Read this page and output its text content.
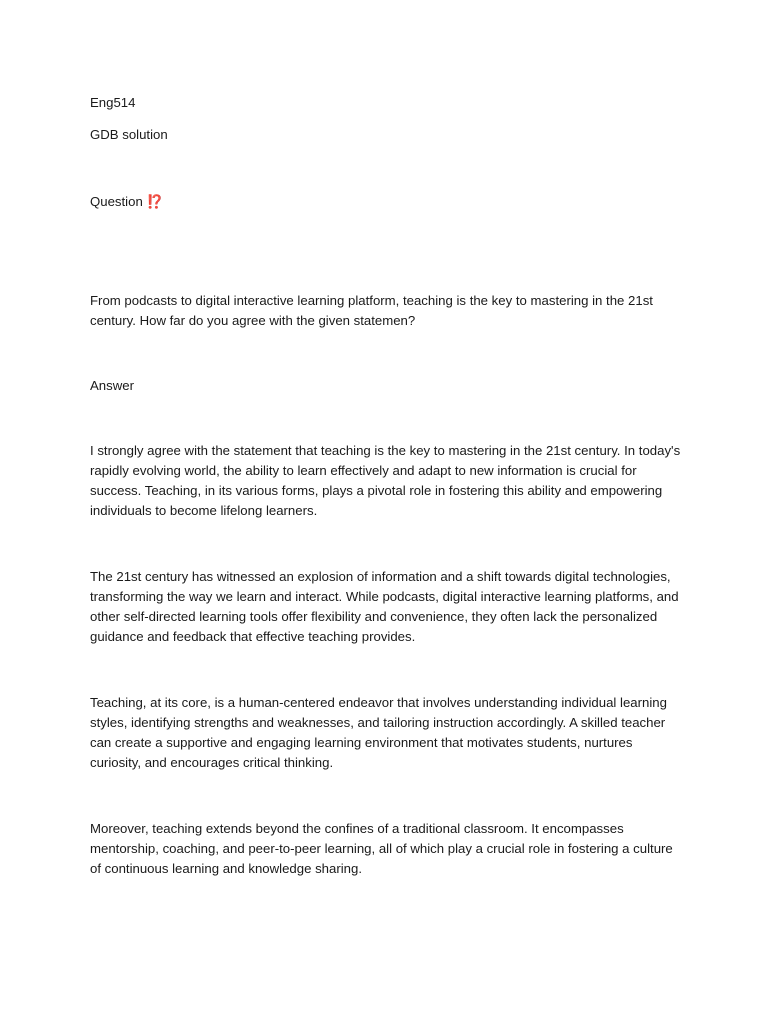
Eng514

GDB solution

Question ⁉️

From podcasts to digital interactive learning platform, teaching is the key to mastering in the 21st century. How far do you agree with the given statemen?

Answer

I strongly agree with the statement that teaching is the key to mastering in the 21st century. In today's rapidly evolving world, the ability to learn effectively and adapt to new information is crucial for success. Teaching, in its various forms, plays a pivotal role in fostering this ability and empowering individuals to become lifelong learners.

The 21st century has witnessed an explosion of information and a shift towards digital technologies, transforming the way we learn and interact. While podcasts, digital interactive learning platforms, and other self-directed learning tools offer flexibility and convenience, they often lack the personalized guidance and feedback that effective teaching provides.

Teaching, at its core, is a human-centered endeavor that involves understanding individual learning styles, identifying strengths and weaknesses, and tailoring instruction accordingly. A skilled teacher can create a supportive and engaging learning environment that motivates students, nurtures curiosity, and encourages critical thinking.

Moreover, teaching extends beyond the confines of a traditional classroom. It encompasses mentorship, coaching, and peer-to-peer learning, all of which play a crucial role in fostering a culture of continuous learning and knowledge sharing.
